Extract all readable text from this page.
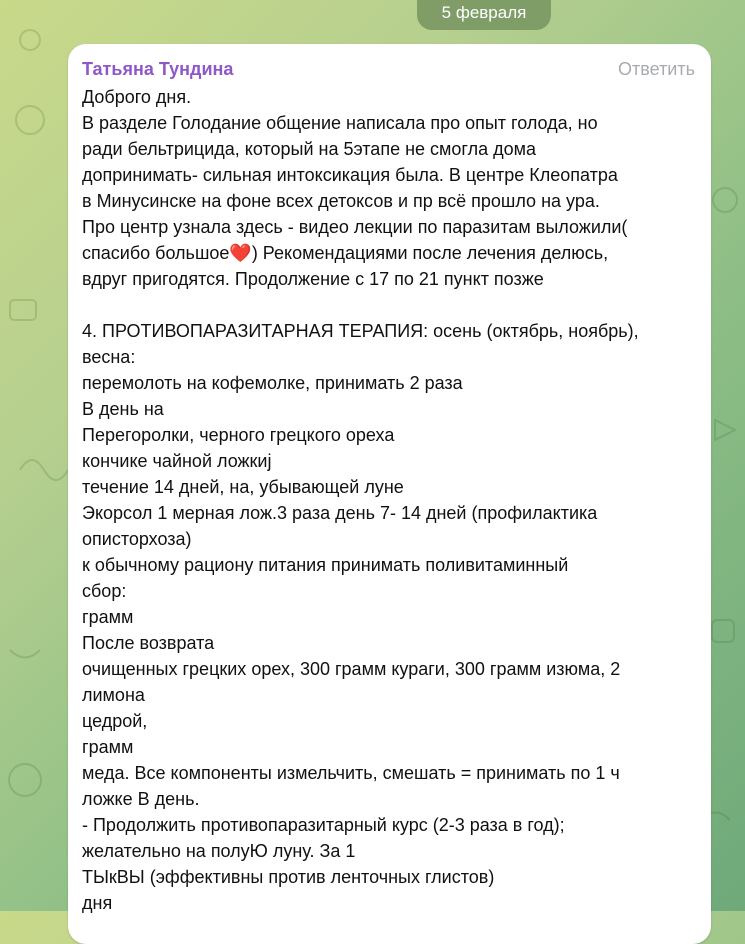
5 февраля
Татьяна Тундина	Ответить
Доброго дня.
В разделе Голодание общение написала про опыт голода, но
ради бельтрицида, который на 5этапе не смогла дома
допринимать- сильная интоксикация была. В центре Клеопатра
в Минусинске на фоне всех детоксов и пр всё прошло на ура.
Про центр узнала здесь - видео лекции по паразитам выложили(
спасибо большое❤️) Рекомендациями после лечения делюсь,
вдруг пригодятся. Продолжение с 17 по 21 пункт позже
4. ПРОТИВОПАРАЗИТАРНАЯ ТЕРАПИЯ: осень (октябрь, ноябрь),
весна:
перемолоть на кофемолке, принимать 2 раза
В день на
Перегоролки, черного грецкого ореха
кончике чайной ложкиj
течение 14 дней, на, убывающей луне
Экорсол 1 мерная лож.3 раза день 7- 14 дней (профилактика
описторхоза)
к обычному рациону питания принимать поливитаминный
сбор:
грамм
После возврата
очищенных грецких орех, 300 грамм кураги, 300 грамм изюма, 2
лимона
цедрой,
грамм
меда. Все компоненты измельчить, смешать = принимать по 1 ч
ложке В день.
- Продолжить противопаразитарный курс (2-3 раза в год);
желательно на полуЮ луну. За 1
ТЫкВЫ (эффективны против ленточных глистов)
дня
